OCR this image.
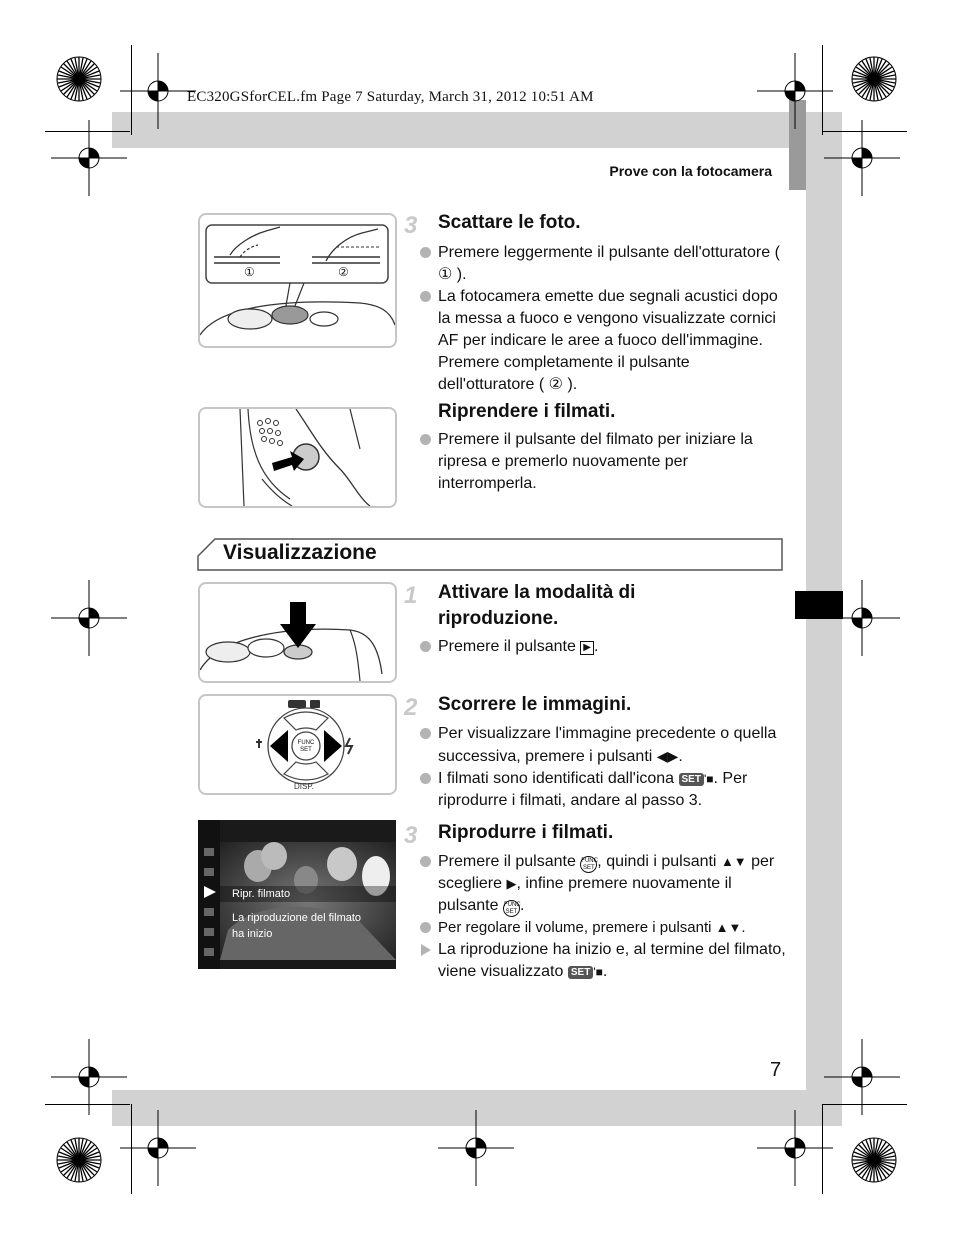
EC320GSforCEL.fm Page 7 Saturday, March 31, 2012 10:51 AM
Prove con la fotocamera
①	②
3 Scattare le foto.
Premere leggermente il pulsante dell'otturatore ( ① ).
La fotocamera emette due segnali acustici dopo la messa a fuoco e vengono visualizzate cornici AF per indicare le aree a fuoco dell'immagine. Premere completamente il pulsante dell'otturatore ( ② ).
Riprendere i filmati.
Premere il pulsante del filmato per iniziare la ripresa e premerlo nuovamente per interromperla.
Visualizzazione
1 Attivare la modalità di riproduzione.
Premere il pulsante ▶ .
FUNC SET
DISP.
2 Scorrere le immagini.
Per visualizzare l'immagine precedente o quella successiva, premere i pulsanti ◀▶.
I filmati sono identificati dall'icona SET '■. Per riprodurre i filmati, andare al passo 3.
Ripr. filmato
La riproduzione del filmato
ha inizio
3 Riprodurre i filmati.
Premere il pulsante FUNC SET , quindi i pulsanti ▲▼ per scegliere ▶, infine premere nuovamente il pulsante FUNC SET .
Per regolare il volume, premere i pulsanti ▲▼.
La riproduzione ha inizio e, al termine del filmato, viene visualizzato SET '■.
7
